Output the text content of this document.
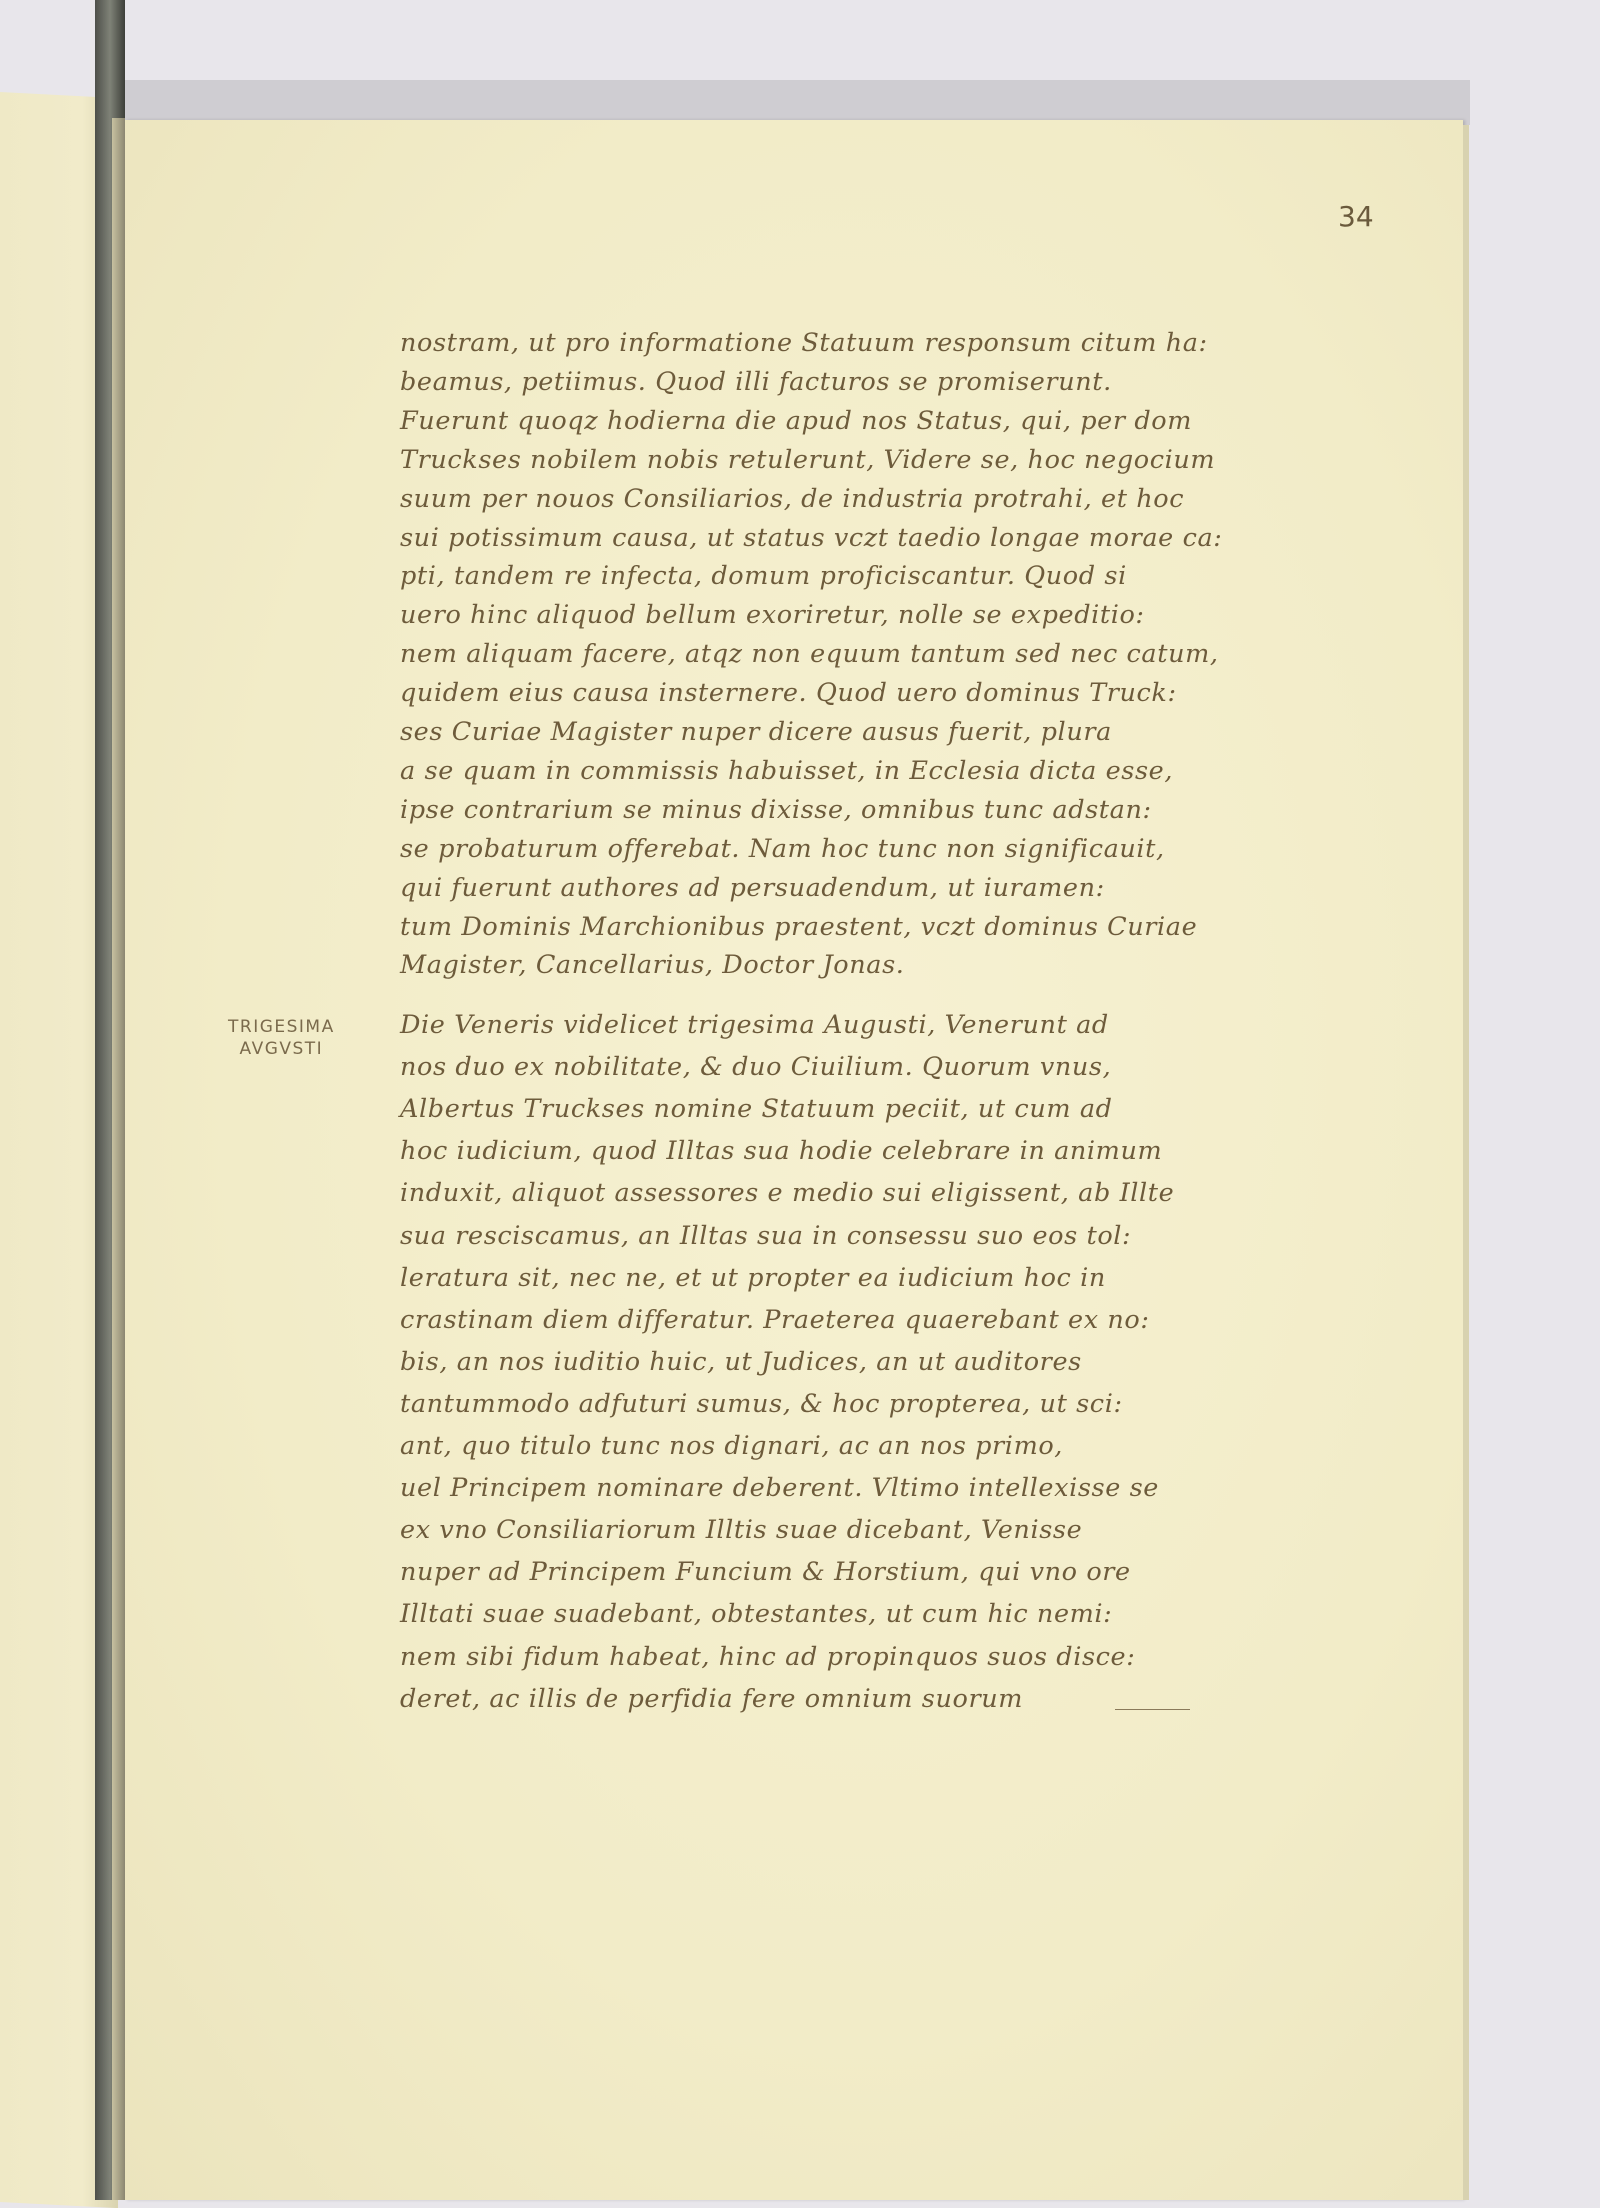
34
TRIGESIMA
AVGVSTI
nostram, ut pro informatione Statuum responsum citum ha:
beamus, petiimus. Quod illi facturos se promiserunt.
Fuerunt quoqz hodierna die apud nos Status, qui, per dom
Truckses nobilem nobis retulerunt, Videre se, hoc negocium
suum per nouos Consiliarios, de industria protrahi, et hoc
sui potissimum causa, ut status vczt taedio longae morae ca:
pti, tandem re infecta, domum proficiscantur. Quod si
uero hinc aliquod bellum exoriretur, nolle se expeditio:
nem aliquam facere, atqz non equum tantum sed nec catum,
quidem eius causa insternere. Quod uero dominus Truck:
ses Curiae Magister nuper dicere ausus fuerit, plura
a se quam in commissis habuisset, in Ecclesia dicta esse,
ipse contrarium se minus dixisse, omnibus tunc adstan:
se probaturum offerebat. Nam hoc tunc non significauit,
qui fuerunt authores ad persuadendum, ut iuramen:
tum Dominis Marchionibus praestent, vczt dominus Curiae
Magister, Cancellarius, Doctor Jonas.
Die Veneris videlicet trigesima Augusti, Venerunt ad
nos duo ex nobilitate, & duo Ciuilium. Quorum vnus,
Albertus Truckses nomine Statuum peciit, ut cum ad
hoc iudicium, quod Illtas sua hodie celebrare in animum
induxit, aliquot assessores e medio sui eligissent, ab Illte
sua resciscamus, an Illtas sua in consessu suo eos tol:
leratura sit, nec ne, et ut propter ea iudicium hoc in
crastinam diem differatur. Praeterea quaerebant ex no:
bis, an nos iuditio huic, ut Judices, an ut auditores
tantummodo adfuturi sumus, & hoc propterea, ut sci:
ant, quo titulo tunc nos dignari, ac an nos primo,
uel Principem nominare deberent. Vltimo intellexisse se
ex vno Consiliariorum Illtis suae dicebant, Venisse
nuper ad Principem Funcium & Horstium, qui vno ore
Illtati suae suadebant, obtestantes, ut cum hic nemi:
nem sibi fidum habeat, hinc ad propinquos suos disce:
deret, ac illis de perfidia fere omnium suorum
